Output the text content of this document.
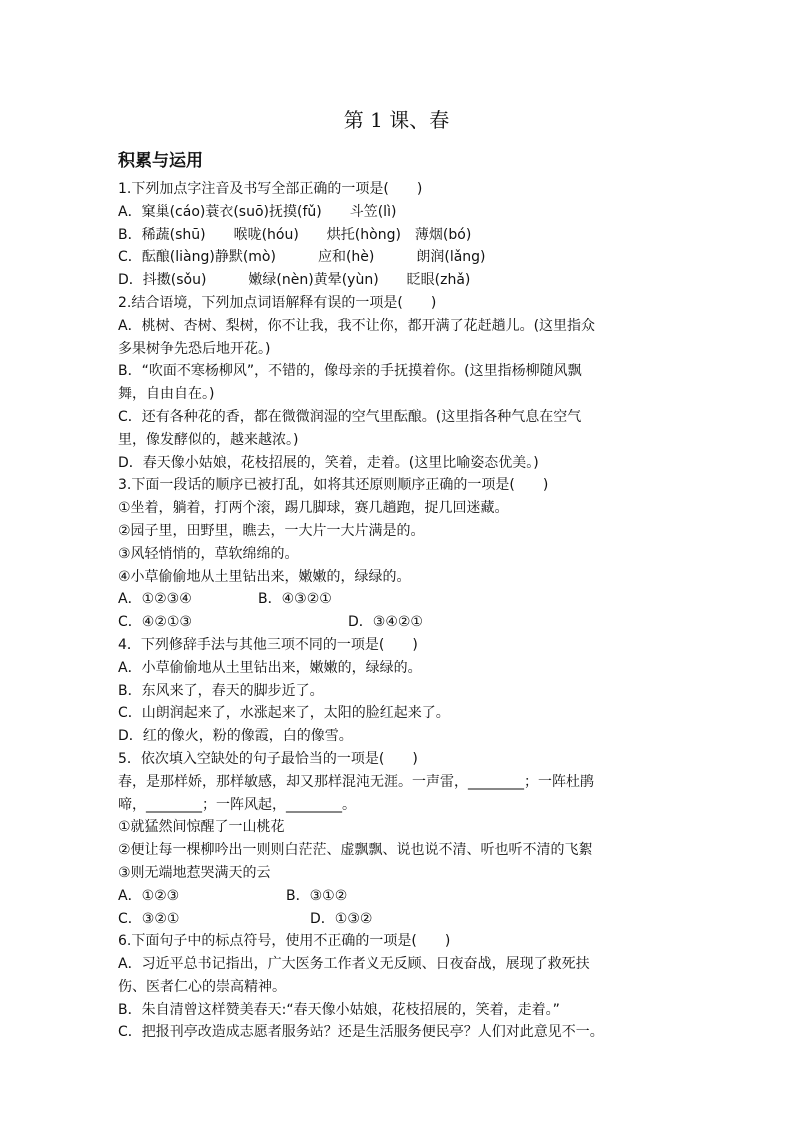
第 1 课、春
积累与运用
1.下列加点字注音及书写全部正确的一项是(　　)
A．窠巢(cáo)蓑衣(suō)抚摸(fǔ)　　斗笠(lì)
B．稀蔬(shū)　　喉咙(hóu)　　烘托(hòng)　薄烟(bó)
C．酝酿(liàng)静默(mò)　　　应和(hè)　　　朗润(lǎng)
D．抖擞(sǒu)　　　嫩绿(nèn)黄晕(yùn)　　眨眼(zhǎ)
2.结合语境，下列加点词语解释有误的一项是(　　)
A．桃树、杏树、梨树，你不让我，我不让你，都开满了花赶趟儿。(这里指众
多果树争先恐后地开花。)
B．“吹面不寒杨柳风”，不错的，像母亲的手抚摸着你。(这里指杨柳随风飘
舞，自由自在。)
C．还有各种花的香，都在微微润湿的空气里酝酿。(这里指各种气息在空气
里，像发酵似的，越来越浓。)
D．春天像小姑娘，花枝招展的，笑着，走着。(这里比喻姿态优美。)
3.下面一段话的顺序已被打乱，如将其还原则顺序正确的一项是(　　)
①坐着，躺着，打两个滚，踢几脚球，赛几趟跑，捉几回迷藏。
②园子里，田野里，瞧去，一大片一大片满是的。
③风轻悄悄的，草软绵绵的。
④小草偷偷地从土里钻出来，嫩嫩的，绿绿的。
A．①②③④	B．④③②①
C．④②①③	D．③④②①
4．下列修辞手法与其他三项不同的一项是(　　)
A．小草偷偷地从土里钻出来，嫩嫩的，绿绿的。
B．东风来了，春天的脚步近了。
C．山朗润起来了，水涨起来了，太阳的脸红起来了。
D．红的像火，粉的像霞，白的像雪。
5．依次填入空缺处的句子最恰当的一项是(　　)
春，是那样娇，那样敏感，却又那样混沌无涯。一声雷，________；一阵杜鹃
啼，________；一阵风起，________。
①就猛然间惊醒了一山桃花
②便让每一棵柳吟出一则则白茫茫、虚飘飘、说也说不清、听也听不清的飞絮
③则无端地惹哭满天的云
A．①②③	B．③①②
C．③②①	D．①③②
6.下面句子中的标点符号，使用不正确的一项是(　　)
A．习近平总书记指出，广大医务工作者义无反顾、日夜奋战，展现了救死扶
伤、医者仁心的崇高精神。
B．朱自清曾这样赞美春天:“春天像小姑娘，花枝招展的，笑着，走着。”
C．把报刊亭改造成志愿者服务站？还是生活服务便民亭？人们对此意见不一。
